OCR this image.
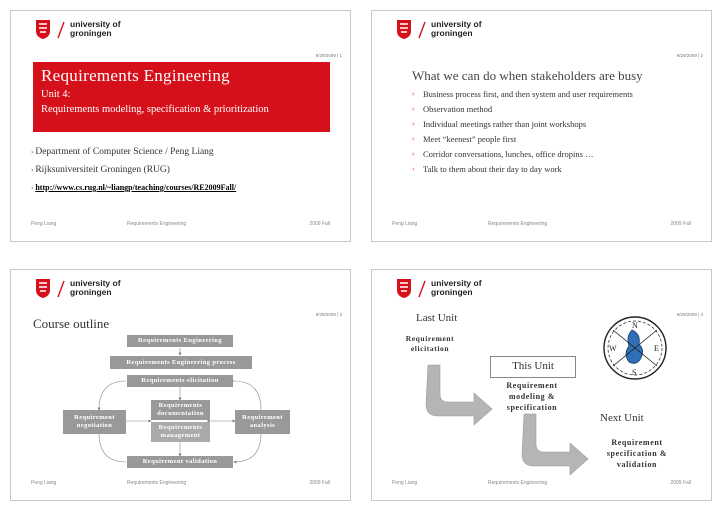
university of
groningen
9/29/2009 | 1
Requirements Engineering
Unit 4:
Requirements modeling, specification & prioritization
› Department of Computer Science / Peng Liang
› Rijksuniversiteit Groningen (RUG)
› http://www.cs.rug.nl/~liangp/teaching/courses/RE2009Fall/
Peng Liang	Requirements Engineering	2009 Fall
university of
groningen
9/29/2009 | 2
What we can do when stakeholders are busy
› Business process first, and then system and user requirements
› Observation method
› Individual meetings rather than joint workshops
› Meet “keenest” people first
› Corridor conversations, lunches, office dropins …
› Talk to them about their day to day work
Peng Liang	Requirements Engineering	2009 Fall
university of
groningen
9/29/2009 | 3
Course outline
Requirements Engineering
Requirements Engineering process
Requirements elicitation
Requirements documentation
Requirements management
Requirement negotiation
Requirement analysis
Requirement validation
Peng Liang	Requirements Engineering	2009 Fall
university of
groningen
9/29/2009 | 4
N
E
S
W
Last Unit
Requirement elicitation
This Unit
Requirement modeling & specification
Next Unit
Requirement specification & validation
Peng Liang	Requirements Engineering	2009 Fall
